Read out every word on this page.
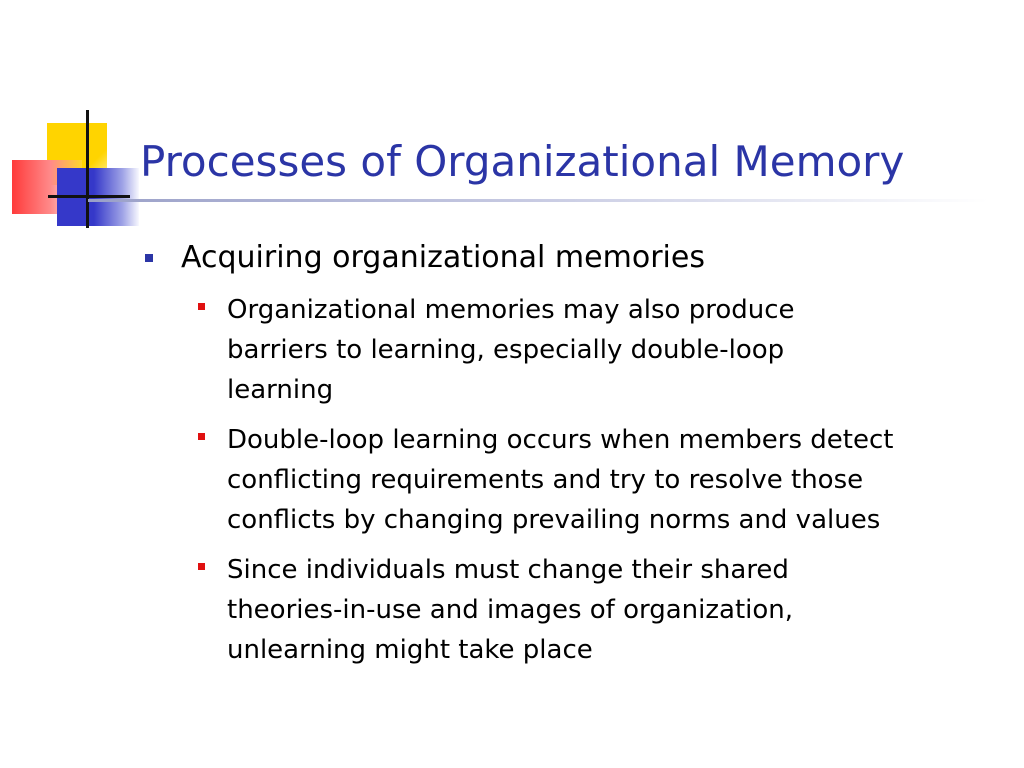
Processes of Organizational Memory
Acquiring organizational memories
Organizational memories may also produce
barriers to learning, especially double-loop
learning
Double-loop learning occurs when members detect
conflicting requirements and try to resolve those
conflicts by changing prevailing norms and values
Since individuals must change their shared
theories-in-use and images of organization,
unlearning might take place
